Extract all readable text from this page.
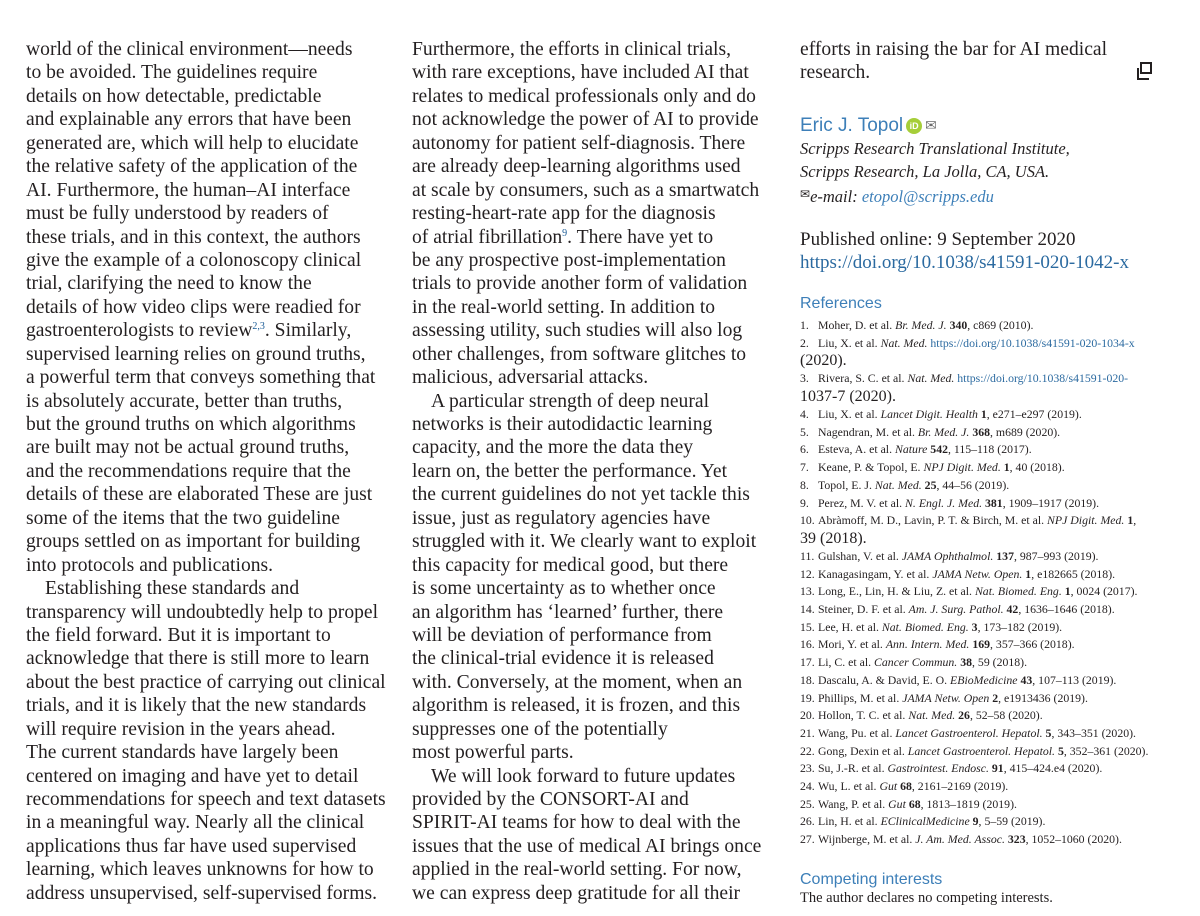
world of the clinical environment—needs
to be avoided. The guidelines require
details on how detectable, predictable
and explainable any errors that have been
generated are, which will help to elucidate
the relative safety of the application of the
AI. Furthermore, the human–AI interface
must be fully understood by readers of
these trials, and in this context, the authors
give the example of a colonoscopy clinical
trial, clarifying the need to know the
details of how video clips were readied for
gastroenterologists to review$^{2,3}$. Similarly,
supervised learning relies on ground truths,
a powerful term that conveys something that
is absolutely accurate, better than truths,
but the ground truths on which algorithms
are built may not be actual ground truths,
and the recommendations require that the
details of these are elaborated These are just
some of the items that the two guideline
groups settled on as important for building
into protocols and publications.
Establishing these standards and
transparency will undoubtedly help to propel
the field forward. But it is important to
acknowledge that there is still more to learn
about the best practice of carrying out clinical
trials, and it is likely that the new standards
will require revision in the years ahead.
The current standards have largely been
centered on imaging and have yet to detail
recommendations for speech and text datasets
in a meaningful way. Nearly all the clinical
applications thus far have used supervised
learning, which leaves unknowns for how to
address unsupervised, self-supervised forms.
Furthermore, the efforts in clinical trials,
with rare exceptions, have included AI that
relates to medical professionals only and do
not acknowledge the power of AI to provide
autonomy for patient self-diagnosis. There
are already deep-learning algorithms used
at scale by consumers, such as a smartwatch
resting-heart-rate app for the diagnosis
of atrial fibrillation$^9$. There have yet to
be any prospective post-implementation
trials to provide another form of validation
in the real-world setting. In addition to
assessing utility, such studies will also log
other challenges, from software glitches to
malicious, adversarial attacks.
A particular strength of deep neural
networks is their autodidactic learning
capacity, and the more the data they
learn on, the better the performance. Yet
the current guidelines do not yet tackle this
issue, just as regulatory agencies have
struggled with it. We clearly want to exploit
this capacity for medical good, but there
is some uncertainty as to whether once
an algorithm has ‘learned’ further, there
will be deviation of performance from
the clinical-trial evidence it is released
with. Conversely, at the moment, when an
algorithm is released, it is frozen, and this
suppresses one of the potentially
most powerful parts.
We will look forward to future updates
provided by the CONSORT-AI and
SPIRIT-AI teams for how to deal with the
issues that the use of medical AI brings once
applied in the real-world setting. For now,
we can express deep gratitude for all their
efforts in raising the bar for AI medical
research.
Eric J. Topol iD ✉
Scripps Research Translational Institute,
Scripps Research, La Jolla, CA, USA.
✉e-mail: etopol@scripps.edu
Published online: 9 September 2020
https://doi.org/10.1038/s41591-020-1042-x
References
1. Moher, D. et al. Br. Med. J. 340, c869 (2010).
2. Liu, X. et al. Nat. Med. https://doi.org/10.1038/s41591-020-1034-x
(2020).
3. Rivera, S. C. et al. Nat. Med. https://doi.org/10.1038/s41591-020-
1037-7 (2020).
4. Liu, X. et al. Lancet Digit. Health 1, e271–e297 (2019).
5. Nagendran, M. et al. Br. Med. J. 368, m689 (2020).
6. Esteva, A. et al. Nature 542, 115–118 (2017).
7. Keane, P. & Topol, E. NPJ Digit. Med. 1, 40 (2018).
8. Topol, E. J. Nat. Med. 25, 44–56 (2019).
9. Perez, M. V. et al. N. Engl. J. Med. 381, 1909–1917 (2019).
10. Abràmoff, M. D., Lavin, P. T. & Birch, M. et al. NPJ Digit. Med. 1,
39 (2018).
11. Gulshan, V. et al. JAMA Ophthalmol. 137, 987–993 (2019).
12. Kanagasingam, Y. et al. JAMA Netw. Open. 1, e182665 (2018).
13. Long, E., Lin, H. & Liu, Z. et al. Nat. Biomed. Eng. 1, 0024 (2017).
14. Steiner, D. F. et al. Am. J. Surg. Pathol. 42, 1636–1646 (2018).
15. Lee, H. et al. Nat. Biomed. Eng. 3, 173–182 (2019).
16. Mori, Y. et al. Ann. Intern. Med. 169, 357–366 (2018).
17. Li, C. et al. Cancer Commun. 38, 59 (2018).
18. Dascalu, A. & David, E. O. EBioMedicine 43, 107–113 (2019).
19. Phillips, M. et al. JAMA Netw. Open 2, e1913436 (2019).
20. Hollon, T. C. et al. Nat. Med. 26, 52–58 (2020).
21. Wang, Pu. et al. Lancet Gastroenterol. Hepatol. 5, 343–351 (2020).
22. Gong, Dexin et al. Lancet Gastroenterol. Hepatol. 5, 352–361 (2020).
23. Su, J.-R. et al. Gastrointest. Endosc. 91, 415–424.e4 (2020).
24. Wu, L. et al. Gut 68, 2161–2169 (2019).
25. Wang, P. et al. Gut 68, 1813–1819 (2019).
26. Lin, H. et al. EClinicalMedicine 9, 5–59 (2019).
27. Wijnberge, M. et al. J. Am. Med. Assoc. 323, 1052–1060 (2020).
Competing interests
The author declares no competing interests.
